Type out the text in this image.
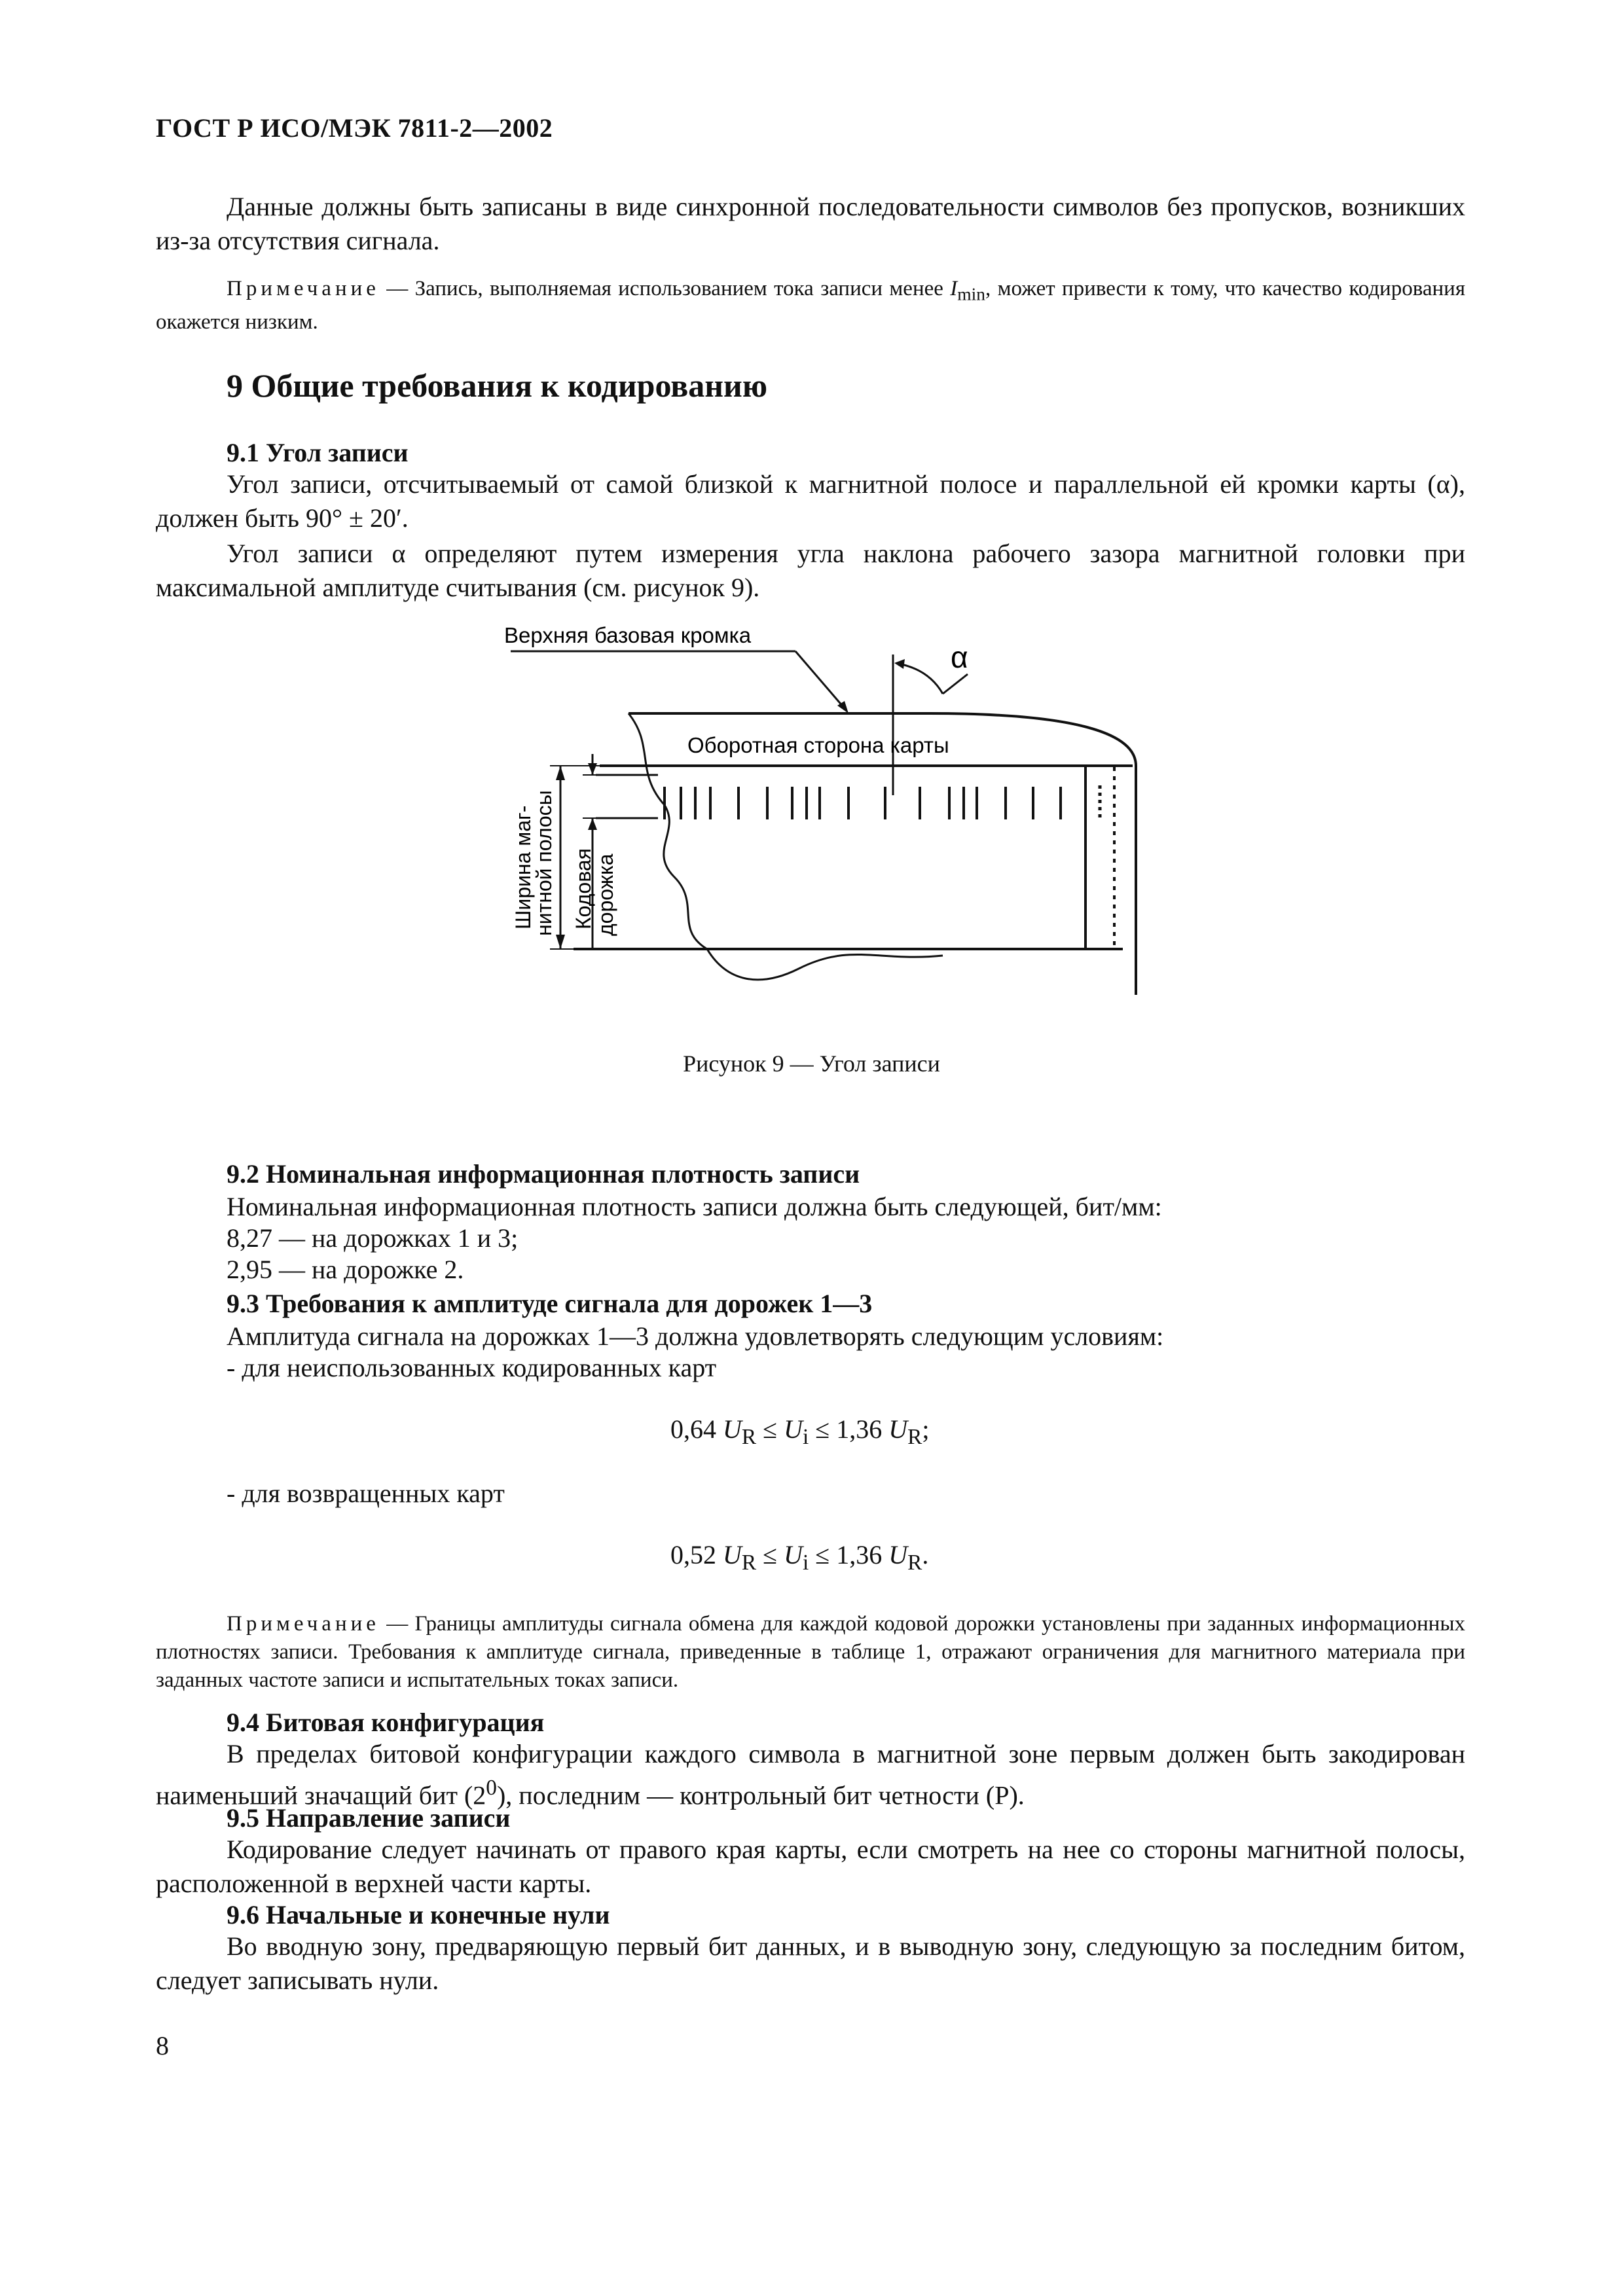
ГОСТ Р ИСО/МЭК 7811-2—2002
Данные должны быть записаны в виде синхронной последовательности символов без пропусков, возникших из-за отсутствия сигнала.
Примечание — Запись, выполняемая использованием тока записи менее $I_{min}$, может привести к тому, что качество кодирования окажется низким.
9 Общие требования к кодированию
9.1 Угол записи
Угол записи, отсчитываемый от самой близкой к магнитной полосе и параллельной ей кромки карты (α), должен быть 90° ± 20′.
Угол записи α определяют путем измерения угла наклона рабочего зазора магнитной головки при максимальной амплитуде считывания (см. рисунок 9).
α
Верхняя базовая кромка
Оборотная сторона карты
Ширина маг-
нитной полосы Кодовая
дорожка
Рисунок 9 — Угол записи
9.2 Номинальная информационная плотность записи
Номинальная информационная плотность записи должна быть следующей, бит/мм:
8,27 — на дорожках 1 и 3;
2,95 — на дорожке 2.
9.3 Требования к амплитуде сигнала для дорожек 1—3
Амплитуда сигнала на дорожках 1—3 должна удовлетворять следующим условиям:
- для неиспользованных кодированных карт
0,64 $U_R \le U_i \le 1,36$ $U_R$;
- для возвращенных карт
0,52 $U_R \le U_i \le 1,36$ $U_R$.
Примечание — Границы амплитуды сигнала обмена для каждой кодовой дорожки установлены при заданных информационных плотностях записи. Требования к амплитуде сигнала, приведенные в таблице 1, отражают ограничения для магнитного материала при заданных частоте записи и испытательных токах записи.
9.4 Битовая конфигурация
В пределах битовой конфигурации каждого символа в магнитной зоне первым должен быть закодирован наименьший значащий бит $(2^0)$, последним — контрольный бит четности (P).
9.5 Направление записи
Кодирование следует начинать от правого края карты, если смотреть на нее со стороны магнитной полосы, расположенной в верхней части карты.
9.6 Начальные и конечные нули
Во вводную зону, предваряющую первый бит данных, и в выводную зону, следующую за последним битом, следует записывать нули.
8
